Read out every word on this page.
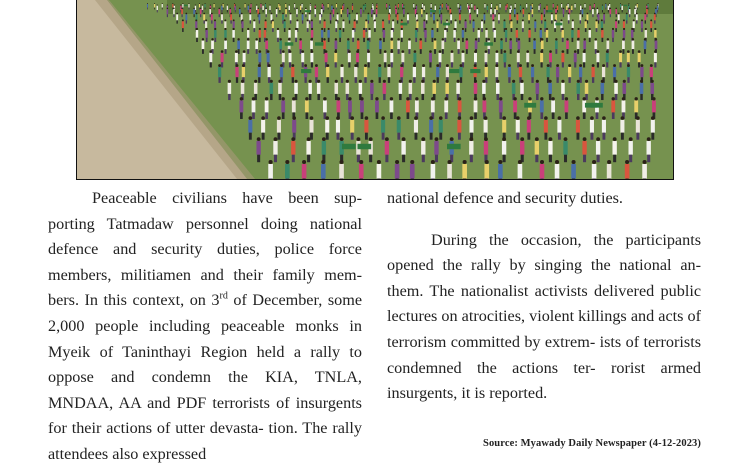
Peaceable civilians have been sup- porting Tatmadaw personnel doing national defence and security duties, police force members, militiamen and their family mem- bers. In this context, on 3rd of December, some 2,000 people including peaceable monks in Myeik of Taninthayi Region held a rally to oppose and condemn the KIA, TNLA, MNDAA, AA and PDF terrorists of insurgents for their actions of utter devasta- tion. The rally attendees also expressed

national defence and security duties.

During the occasion, the participants opened the rally by singing the national an- them. The nationalist activists delivered public lectures on atrocities, violent killings and acts of terrorism committed by extrem- ists of terrorists condemned the actions ter- rorist armed insurgents, it is reported.

Source: Myawady Daily Newspaper (4-12-2023)
